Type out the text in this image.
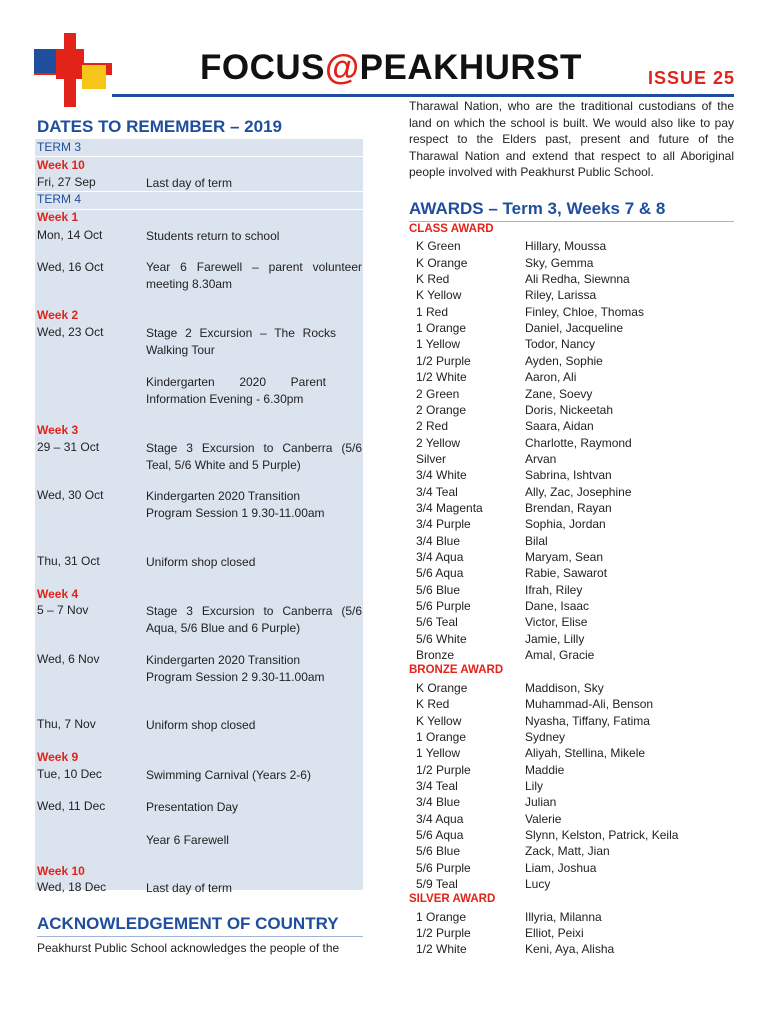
FOCUS@PEAKHURST	ISSUE 25
DATES TO REMEMBER – 2019
TERM 3
Week 10
Fri, 27 Sep	Last day of term
TERM 4
Week 1
Mon, 14 Oct	Students return to school
Wed, 16 Oct	Year 6 Farewell – parent volunteer meeting 8.30am
Week 2
Wed, 23 Oct	Stage 2 Excursion – The Rocks Walking Tour
Kindergarten 2020 Parent Information Evening - 6.30pm
Week 3
29 – 31 Oct	Stage 3 Excursion to Canberra (5/6 Teal, 5/6 White and 5 Purple)
Wed, 30 Oct	Kindergarten 2020 Transition Program Session 1 9.30-11.00am
Thu, 31 Oct	Uniform shop closed
Week 4
5 – 7 Nov	Stage 3 Excursion to Canberra (5/6 Aqua, 5/6 Blue and 6 Purple)
Wed, 6 Nov	Kindergarten 2020 Transition Program Session 2 9.30-11.00am
Thu, 7 Nov	Uniform shop closed
Week 9
Tue, 10 Dec	Swimming Carnival (Years 2-6)
Wed, 11 Dec	Presentation Day
Year 6 Farewell
Week 10
Wed, 18 Dec	Last day of term
ACKNOWLEDGEMENT OF COUNTRY
Peakhurst Public School acknowledges the people of the
Tharawal Nation, who are the traditional custodians of the land on which the school is built. We would also like to pay respect to the Elders past, present and future of the Tharawal Nation and extend that respect to all Aboriginal people involved with Peakhurst Public School.
AWARDS – Term 3, Weeks 7 & 8
CLASS AWARD
K Green	Hillary, Moussa
K Orange	Sky, Gemma
K Red	Ali Redha, Siewnna
K Yellow	Riley, Larissa
1 Red	Finley, Chloe, Thomas
1 Orange	Daniel, Jacqueline
1 Yellow	Todor, Nancy
1/2 Purple	Ayden, Sophie
1/2 White	Aaron, Ali
2 Green	Zane, Soevy
2 Orange	Doris, Nickeetah
2 Red	Saara, Aidan
2 Yellow	Charlotte, Raymond
Silver	Arvan
3/4 White	Sabrina, Ishtvan
3/4 Teal	Ally, Zac, Josephine
3/4 Magenta	Brendan, Rayan
3/4 Purple	Sophia, Jordan
3/4 Blue	Bilal
3/4 Aqua	Maryam, Sean
5/6 Aqua	Rabie, Sawarot
5/6 Blue	Ifrah, Riley
5/6 Purple	Dane, Isaac
5/6 Teal	Victor, Elise
5/6 White	Jamie, Lilly
Bronze	Amal, Gracie
BRONZE AWARD
K Orange	Maddison, Sky
K Red	Muhammad-Ali, Benson
K Yellow	Nyasha, Tiffany, Fatima
1 Orange	Sydney
1 Yellow	Aliyah, Stellina, Mikele
1/2 Purple	Maddie
3/4 Teal	Lily
3/4 Blue	Julian
3/4 Aqua	Valerie
5/6 Aqua	Slynn, Kelston, Patrick, Keila
5/6 Blue	Zack, Matt, Jian
5/6 Purple	Liam, Joshua
5/9 Teal	Lucy
SILVER AWARD
1 Orange	Illyria, Milanna
1/2 Purple	Elliot, Peixi
1/2 White	Keni, Aya, Alisha
